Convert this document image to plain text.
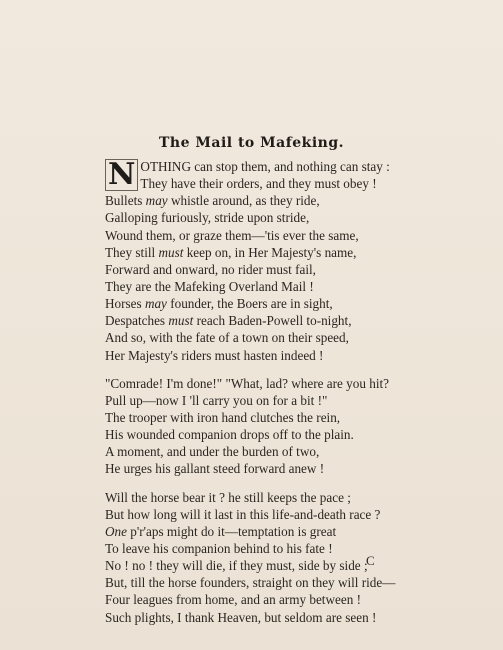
The Mail to Mafeking.
N OTHING can stop them, and nothing can stay :
They have their orders, and they must obey !
Bullets may whistle around, as they ride,
Galloping furiously, stride upon stride,
Wound them, or graze them—'tis ever the same,
They still must keep on, in Her Majesty's name,
Forward and onward, no rider must fail,
They are the Mafeking Overland Mail !
Horses may founder, the Boers are in sight,
Despatches must reach Baden-Powell to-night,
And so, with the fate of a town on their speed,
Her Majesty's riders must hasten indeed !
"Comrade! I'm done!" "What, lad? where are you hit?
Pull up—now I 'll carry you on for a bit !"
The trooper with iron hand clutches the rein,
His wounded companion drops off to the plain.
A moment, and under the burden of two,
He urges his gallant steed forward anew !
Will the horse bear it ? he still keeps the pace ;
But how long will it last in this life-and-death race ?
One p'r'aps might do it—temptation is great
To leave his companion behind to his fate !
No ! no ! they will die, if they must, side by side ;
But, till the horse founders, straight on they will ride—
Four leagues from home, and an army between !
Such plights, I thank Heaven, but seldom are seen !
C
